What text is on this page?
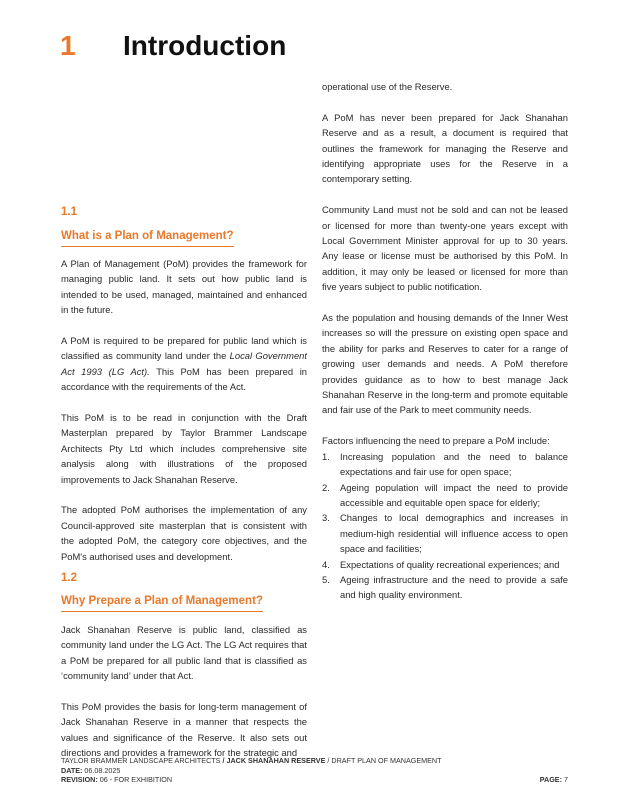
1 Introduction
1.1
What is a Plan of Management?

A Plan of Management (PoM) provides the framework for managing public land. It sets out how public land is intended to be used, managed, maintained and enhanced in the future.

A PoM is required to be prepared for public land which is classified as community land under the Local Government Act 1993 (LG Act). This PoM has been prepared in accordance with the requirements of the Act.

This PoM is to be read in conjunction with the Draft Masterplan prepared by Taylor Brammer Landscape Architects Pty Ltd which includes comprehensive site analysis along with illustrations of the proposed improvements to Jack Shanahan Reserve.

The adopted PoM authorises the implementation of any Council-approved site masterplan that is consistent with the adopted PoM, the category core objectives, and the PoM's authorised uses and development.

1.2
Why Prepare a Plan of Management?

Jack Shanahan Reserve is public land, classified as community land under the LG Act. The LG Act requires that a PoM be prepared for all public land that is classified as ‘community land’ under that Act.

This PoM provides the basis for long-term management of Jack Shanahan Reserve in a manner that respects the values and significance of the Reserve. It also sets out directions and provides a framework for the strategic and

operational use of the Reserve.

A PoM has never been prepared for Jack Shanahan Reserve and as a result, a document is required that outlines the framework for managing the Reserve and identifying appropriate uses for the Reserve in a contemporary setting.

Community Land must not be sold and can not be leased or licensed for more than twenty-one years except with Local Government Minister approval for up to 30 years. Any lease or license must be authorised by this PoM. In addition, it may only be leased or licensed for more than five years subject to public notification.

As the population and housing demands of the Inner West increases so will the pressure on existing open space and the ability for parks and Reserves to cater for a range of growing user demands and needs. A PoM therefore provides guidance as to how to best manage Jack Shanahan Reserve in the long-term and promote equitable and fair use of the Park to meet community needs.

Factors influencing the need to prepare a PoM include:
1. Increasing population and the need to balance expectations and fair use for open space;
2. Ageing population will impact the need to provide accessible and equitable open space for elderly;
3. Changes to local demographics and increases in medium-high residential will influence access to open space and facilities;
4. Expectations of quality recreational experiences; and
5. Ageing infrastructure and the need to provide a safe and high quality environment.
TAYLOR BRAMMER LANDSCAPE ARCHITECTS / JACK SHANAHAN RESERVE / DRAFT PLAN OF MANAGEMENT
DATE: 06.08.2025
REVISION: 06 - FOR EXHIBITION	PAGE: 7
